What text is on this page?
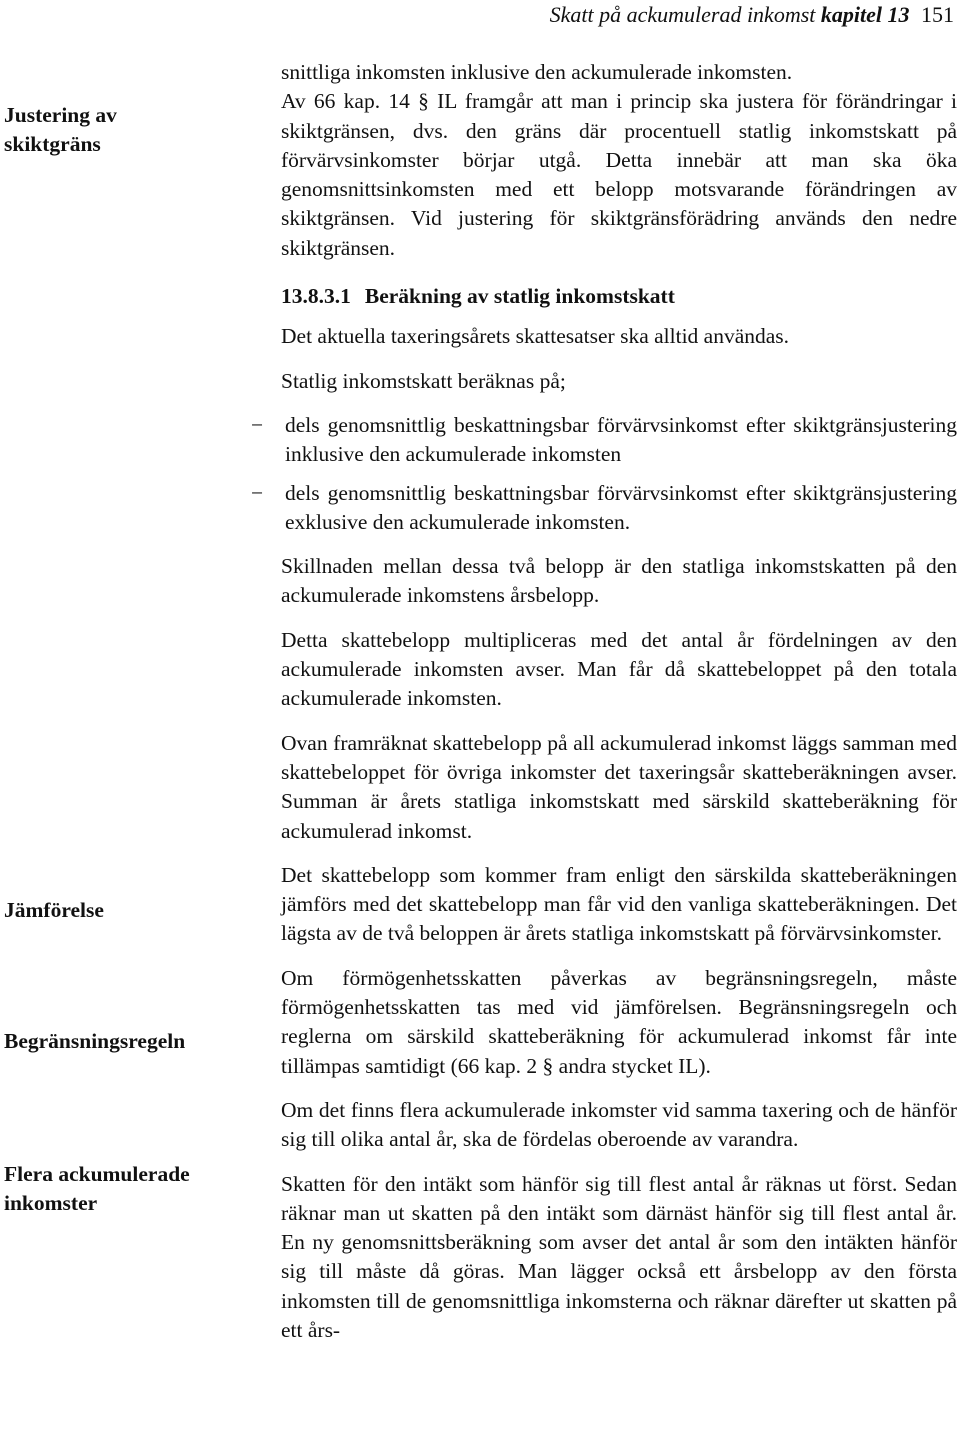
Skatt på ackumulerad inkomst kapitel 13 151
Justering av skiktgräns
Jämförelse
Begränsningsregeln
Flera ackumulerade inkomster

snittliga inkomsten inklusive den ackumulerade inkomsten.

Av 66 kap. 14 § IL framgår att man i princip ska justera för förändringar i skiktgränsen, dvs. den gräns där procentuell statlig inkomstskatt på förvärvsinkomster börjar utgå. Detta innebär att man ska öka genomsnittsinkomsten med ett belopp motsvarande förändringen av skiktgränsen. Vid justering för skiktgränsförädring används den nedre skiktgränsen.

13.8.3.1 Beräkning av statlig inkomstskatt

Det aktuella taxeringsårets skattesatser ska alltid användas.

Statlig inkomstskatt beräknas på;

−	dels genomsnittlig beskattningsbar förvärvsinkomst efter skiktgränsjustering inklusive den ackumulerade inkomsten
−	dels genomsnittlig beskattningsbar förvärvsinkomst efter skiktgränsjustering exklusive den ackumulerade inkomsten.

Skillnaden mellan dessa två belopp är den statliga inkomstskatten på den ackumulerade inkomstens årsbelopp.

Detta skattebelopp multipliceras med det antal år fördelningen av den ackumulerade inkomsten avser. Man får då skattebeloppet på den totala ackumulerade inkomsten.

Ovan framräknat skattebelopp på all ackumulerad inkomst läggs samman med skattebeloppet för övriga inkomster det taxeringsår skatteberäkningen avser. Summan är årets statliga inkomstskatt med särskild skatteberäkning för ackumulerad inkomst.

Det skattebelopp som kommer fram enligt den särskilda skatteberäkningen jämförs med det skattebelopp man får vid den vanliga skatteberäkningen. Det lägsta av de två beloppen är årets statliga inkomstskatt på förvärvsinkomster.

Om förmögenhetsskatten påverkas av begränsningsregeln, måste förmögenhetsskatten tas med vid jämförelsen. Begränsningsregeln och reglerna om särskild skatteberäkning för ackumulerad inkomst får inte tillämpas samtidigt (66 kap. 2 § andra stycket IL).

Om det finns flera ackumulerade inkomster vid samma taxering och de hänför sig till olika antal år, ska de fördelas oberoende av varandra.

Skatten för den intäkt som hänför sig till flest antal år räknas ut först. Sedan räknar man ut skatten på den intäkt som därnäst hänför sig till flest antal år. En ny genomsnittsberäkning som avser det antal år som den intäkten hänför sig till måste då göras. Man lägger också ett årsbelopp av den första inkomsten till de genomsnittliga inkomsterna och räknar därefter ut skatten på ett års-
